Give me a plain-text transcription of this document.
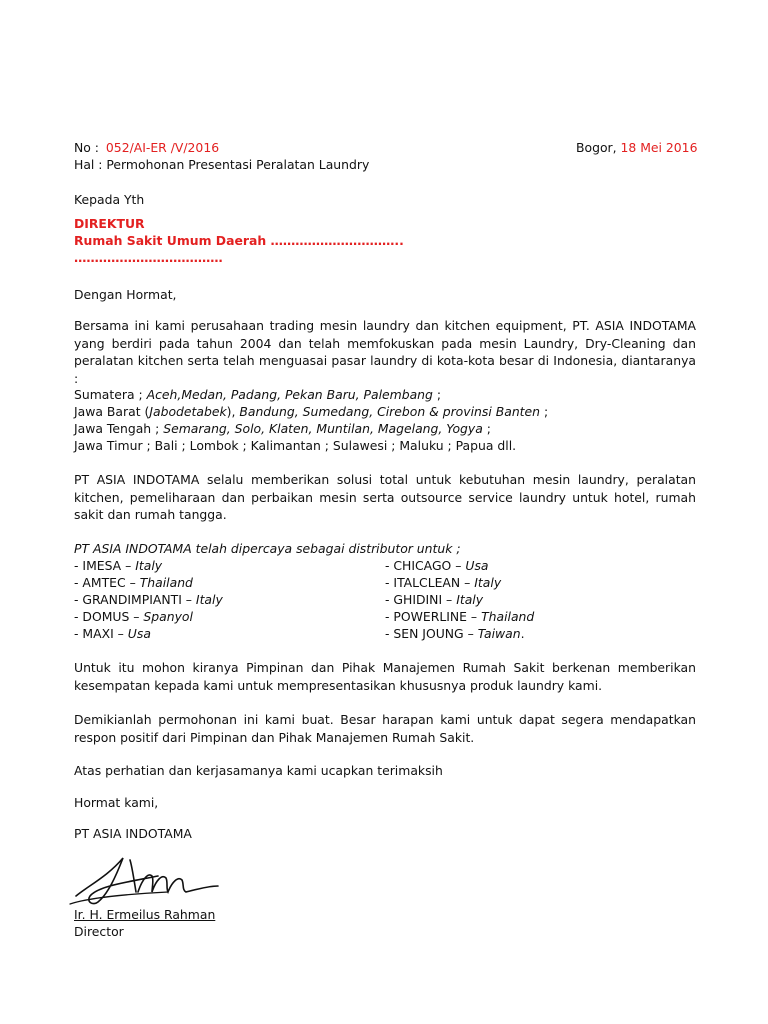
No : 052/AI-ER /V/2016	Bogor, 18 Mei 2016
Hal : Permohonan Presentasi Peralatan Laundry
Kepada Yth
DIREKTUR
Rumah Sakit Umum Daerah …………………………..
………………………………
Dengan Hormat,
Bersama ini kami perusahaan trading mesin laundry dan kitchen equipment, PT. ASIA INDOTAMA yang berdiri pada tahun 2004 dan telah memfokuskan pada mesin Laundry, Dry-Cleaning dan peralatan kitchen serta telah menguasai pasar laundry di kota-kota besar di Indonesia, diantaranya :
Sumatera ; Aceh,Medan, Padang, Pekan Baru, Palembang ;
Jawa Barat (Jabodetabek), Bandung, Sumedang, Cirebon & provinsi Banten ;
Jawa Tengah ; Semarang, Solo, Klaten, Muntilan, Magelang, Yogya ;
Jawa Timur ; Bali ; Lombok ; Kalimantan ; Sulawesi ; Maluku ; Papua dll.
PT ASIA INDOTAMA selalu memberikan solusi total untuk kebutuhan mesin laundry, peralatan kitchen, pemeliharaan dan perbaikan mesin serta outsource service laundry untuk hotel, rumah sakit dan rumah tangga.
PT ASIA INDOTAMA telah dipercaya sebagai distributor untuk ;
- IMESA – Italy
- AMTEC – Thailand
- GRANDIMPIANTI – Italy
- DOMUS – Spanyol
- MAXI – Usa
- CHICAGO – Usa
- ITALCLEAN – Italy
- GHIDINI – Italy
- POWERLINE – Thailand
- SEN JOUNG – Taiwan.
Untuk itu mohon kiranya Pimpinan dan Pihak Manajemen Rumah Sakit berkenan memberikan kesempatan kepada kami untuk mempresentasikan khususnya produk laundry kami.
Demikianlah permohonan ini kami buat. Besar harapan kami untuk dapat segera mendapatkan respon positif dari Pimpinan dan Pihak Manajemen Rumah Sakit.
Atas perhatian dan kerjasamanya kami ucapkan terimaksih
Hormat kami,
PT ASIA INDOTAMA
Ir. H. Ermeilus Rahman
Director
